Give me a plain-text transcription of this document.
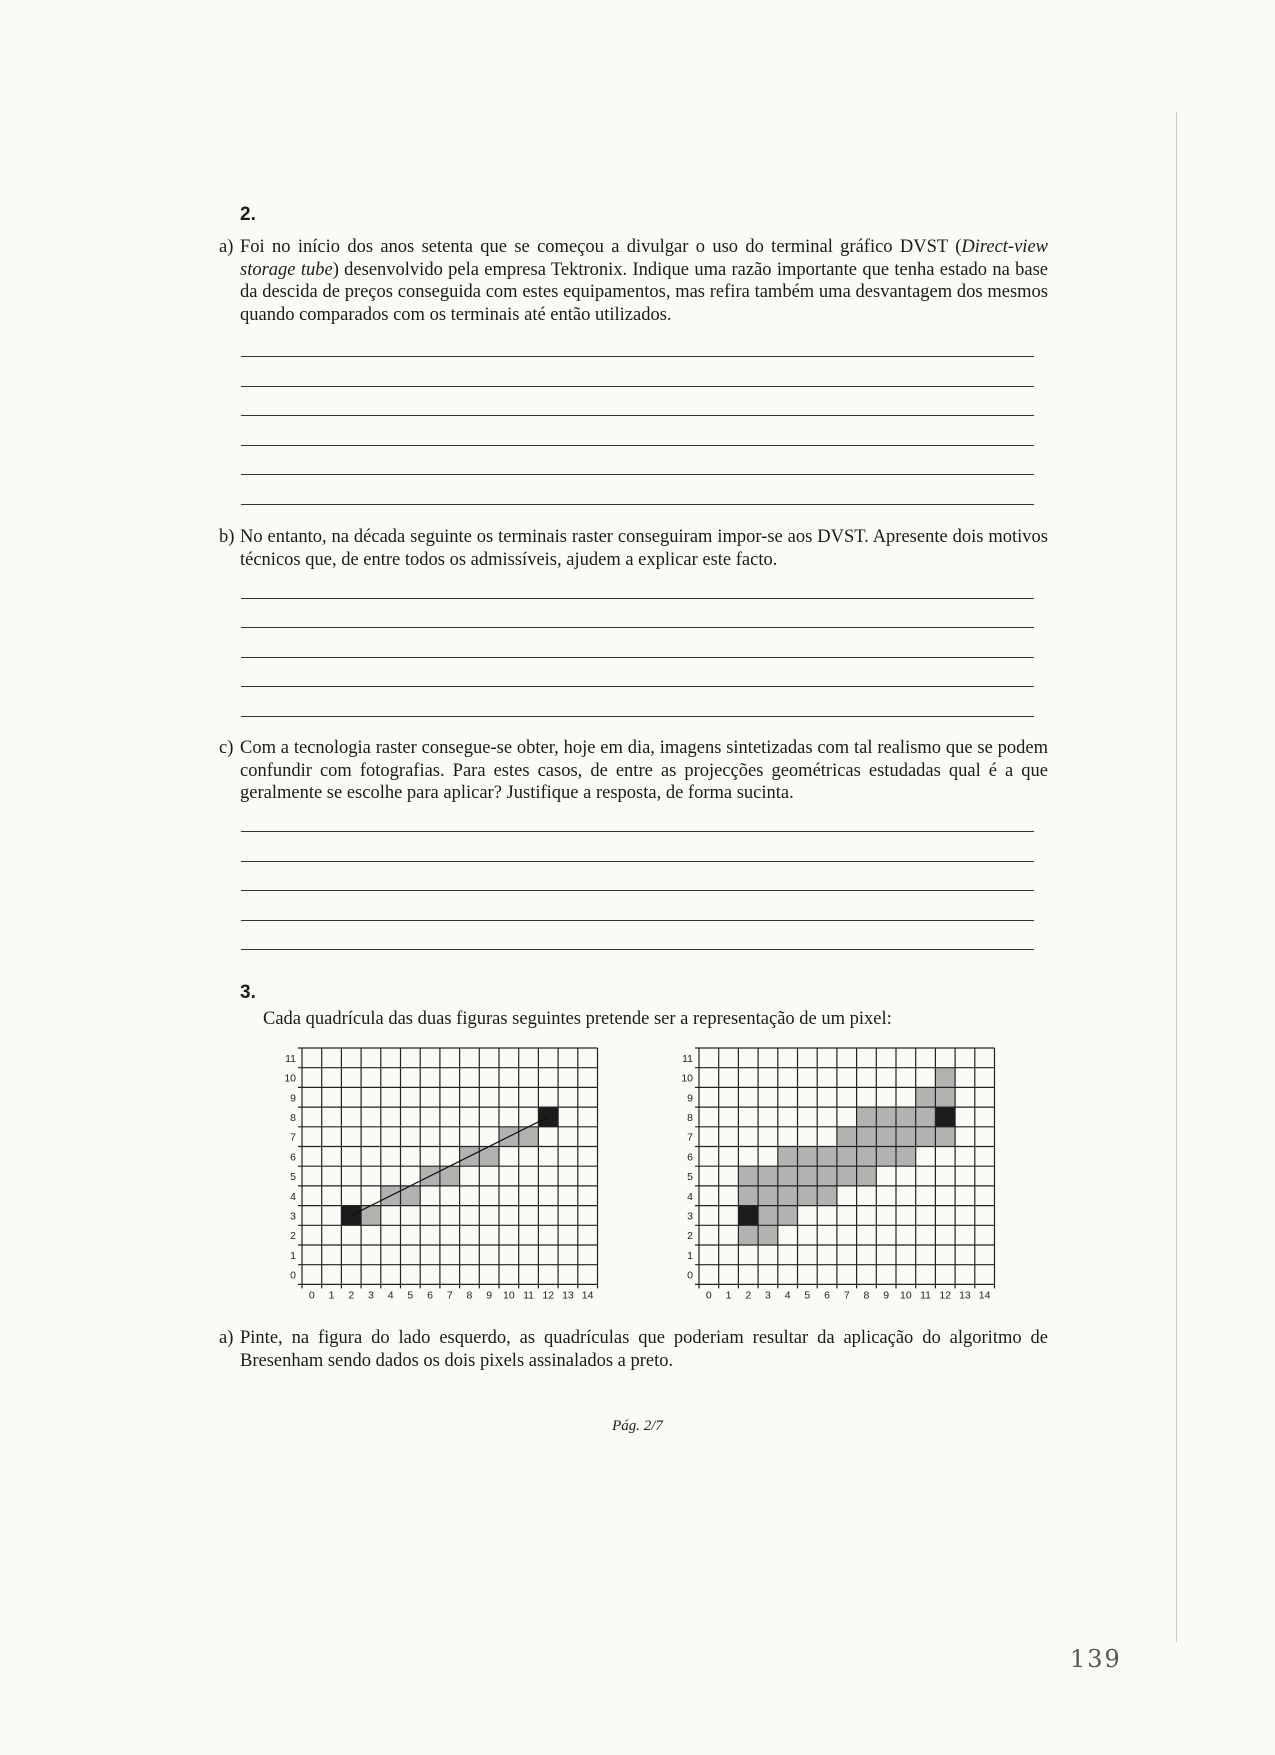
2.
a) Foi no início dos anos setenta que se começou a divulgar o uso do terminal gráfico DVST (Direct-view storage tube) desenvolvido pela empresa Tektronix. Indique uma razão importante que tenha estado na base da descida de preços conseguida com estes equipamentos, mas refira também uma desvantagem dos mesmos quando comparados com os terminais até então utilizados.
b) No entanto, na década seguinte os terminais raster conseguiram impor-se aos DVST. Apresente dois motivos técnicos que, de entre todos os admissíveis, ajudem a explicar este facto.
c) Com a tecnologia raster consegue-se obter, hoje em dia, imagens sintetizadas com tal realismo que se podem confundir com fotografias. Para estes casos, de entre as projecções geométricas estudadas qual é a que geralmente se escolhe para aplicar? Justifique a resposta, de forma sucinta.
3.
Cada quadrícula das duas figuras seguintes pretende ser a representação de um pixel:
0 1 2 3 4 5 6 7 8 9 10 11 12 13 14
0
1
2
3
4
5
6
7
8
9
10
11
0 1 2 3 4 5 6 7 8 9 10 11 12 13 14
0
1
2
3
4
5
6
7
8
9
10
11
a) Pinte, na figura do lado esquerdo, as quadrículas que poderiam resultar da aplicação do algoritmo de Bresenham sendo dados os dois pixels assinalados a preto.
Pág. 2/7
139
